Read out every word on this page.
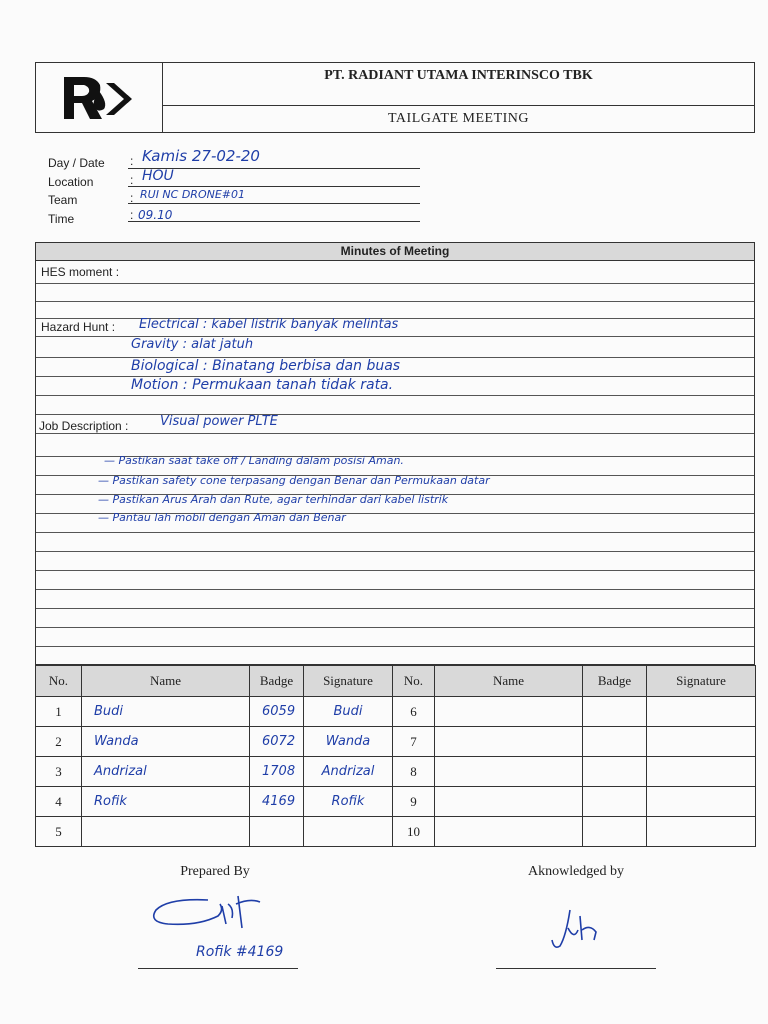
PT. RADIANT UTAMA INTERINSCO TBK
TAILGATE MEETING
Day / Date : Kamis 27-02-20
Location	: HOU
Team	: RUI NC DRONE#01
Time	: 09.10
Minutes of Meeting
HES moment :
Hazard Hunt : Electrical : kabel listrik banyak melintas
Gravity : alat jatuh
Biological : Binatang berbisa dan buas
Motion : Permukaan tanah tidak rata.
Job Description : Visual power PLTE
— Pastikan saat take off / Landing dalam posisi Aman.
— Pastikan safety cone terpasang dengan Benar dan Permukaan datar
— Pastikan Arus Arah dan Rute, agar terhindar dari kabel listrik
— Pantau lah mobil dengan Aman dan Benar
No.	Name	Badge	Signature	No.	Name	Badge	Signature
1	Budi	6059	Budi	6			
2	Wanda	6072	Wanda	7			
3	Andrizal	1708	Andrizal	8			
4	Rofik	4169	Rofik	9			
5				10			
Prepared By
Rofik #4169
Aknowledged by
